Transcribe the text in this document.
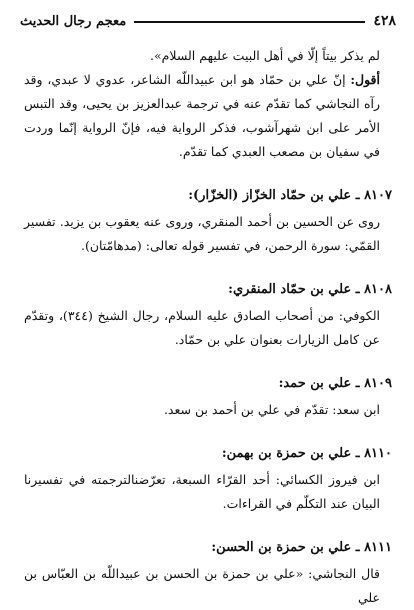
٤٢٨
معجم رجال الحديث

لم يذكر بيتاً إلّا في أهل البيت عليهم السلام».

أقول: إنّ علي بن حمّاد هو ابن عبيداللّه الشاعر، عدوي لا عبدي، وقد رآه النجاشي كما تقدّم عنه في ترجمة عبدالعزيز بن يحيى، وقد التبس الأمر على ابن شهرآشوب، فذكر الرواية فيه، فإنّ الرواية إنّما وردت في سفيان بن مصعب العبدي كما تقدّم.

٨١٠٧ ـ علي بن حمّاد الخزّاز (الخزّار):

روى عن الحسين بن أحمد المنقري، وروى عنه يعقوب بن يزيد. تفسير القمّي: سورة الرحمن، في تفسير قوله تعالى: (مدهامّتان).

٨١٠٨ ـ علي بن حمّاد المنقري:

الكوفي: من أصحاب الصادق عليه السلام، رجال الشيخ (٣٤٤)، وتقدّم عن كامل الزيارات بعنوان علي بن حمّاد.

٨١٠٩ ـ علي بن حمد:

ابن سعد: تقدّم في علي بن أحمد بن سعد.

٨١١٠ ـ علي بن حمزة بن بهمن:

ابن فيروز الكسائي: أحد القرّاء السبعة، تعرّضنالترجمته في تفسيرنا البيان عند التكلّم في القراءات.

٨١١١ ـ علي بن حمزة بن الحسن:

قال النجاشي: «علي بن حمزة بن الحسن بن عبيداللّه بن العبّاس بن علي
